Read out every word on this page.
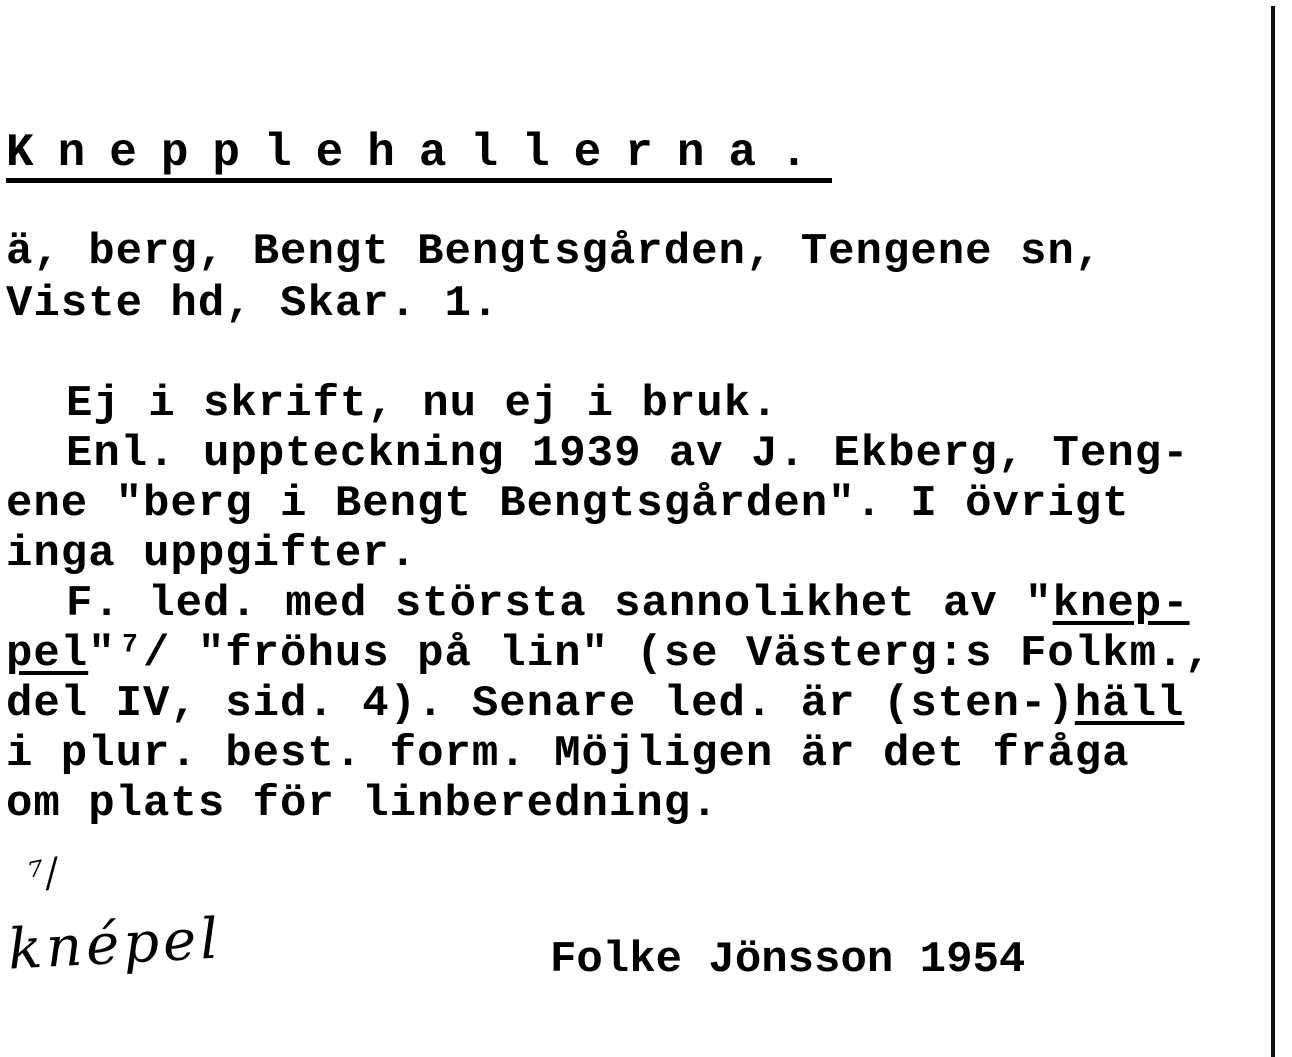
Knepplehallerna.
ä, berg, Bengt Bengtsgården, Tengene sn,
Viste hd, Skar. 1.
Ej i skrift, nu ej i bruk.
Enl. uppteckning 1939 av J. Ekberg, Teng-
ene "berg i Bengt Bengtsgården". I övrigt
inga uppgifter.
F. led. med största sannolikhet av "knep-
pel"⁷/ "fröhus på lin" (se Västerg:s Folkm.,
del IV, sid. 4). Senare led. är (sten-)häll
i plur. best. form. Möjligen är det fråga
om plats för linberedning.
⁷/
knépel	Folke Jönsson 1954
